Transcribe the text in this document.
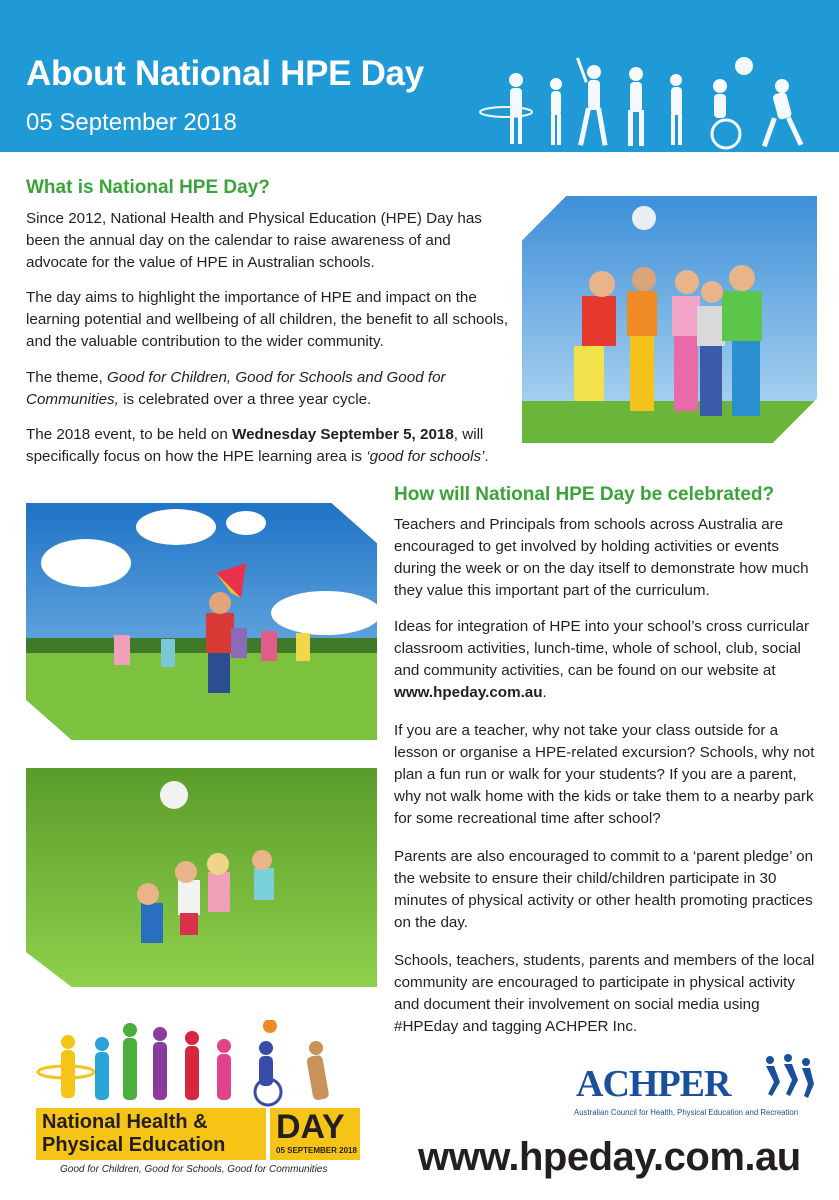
About National HPE Day
05 September 2018
What is National HPE Day?

Since 2012, National Health and Physical Education (HPE) Day has been the annual day on the calendar to raise awareness of and advocate for the value of HPE in Australian schools.

The day aims to highlight the importance of HPE and impact on the learning potential and wellbeing of all children, the benefit to all schools, and the valuable contribution to the wider community.

The theme, Good for Children, Good for Schools and Good for Communities, is celebrated over a three year cycle.

The 2018 event, to be held on Wednesday September 5, 2018, will specifically focus on how the HPE learning area is ‘good for schools’.

How will National HPE Day be celebrated?

Teachers and Principals from schools across Australia are encouraged to get involved by holding activities or events during the week or on the day itself to demonstrate how much they value this important part of the curriculum.

Ideas for integration of HPE into your school’s cross curricular classroom activities, lunch-time, whole of school, club, social and community activities, can be found on our website at www.hpeday.com.au.

If you are a teacher, why not take your class outside for a lesson or organise a HPE-related excursion? Schools, why not plan a fun run or walk for your students? If you are a parent, why not walk home with the kids or take them to a nearby park for some recreational time after school?

Parents are also encouraged to commit to a ‘parent pledge’ on the website to ensure their child/children participate in 30 minutes of physical activity or other health promoting practices on the day.

Schools, teachers, students, parents and members of the local community are encouraged to participate in physical activity and document their involvement on social media using #HPEday and tagging ACHPER Inc.

National Health &
Physical Education DAY
05 SEPTEMBER 2018
Good for Children, Good for Schools, Good for Communities
ACHPER
Australian Council for Health, Physical Education and Recreation
www.hpeday.com.au
